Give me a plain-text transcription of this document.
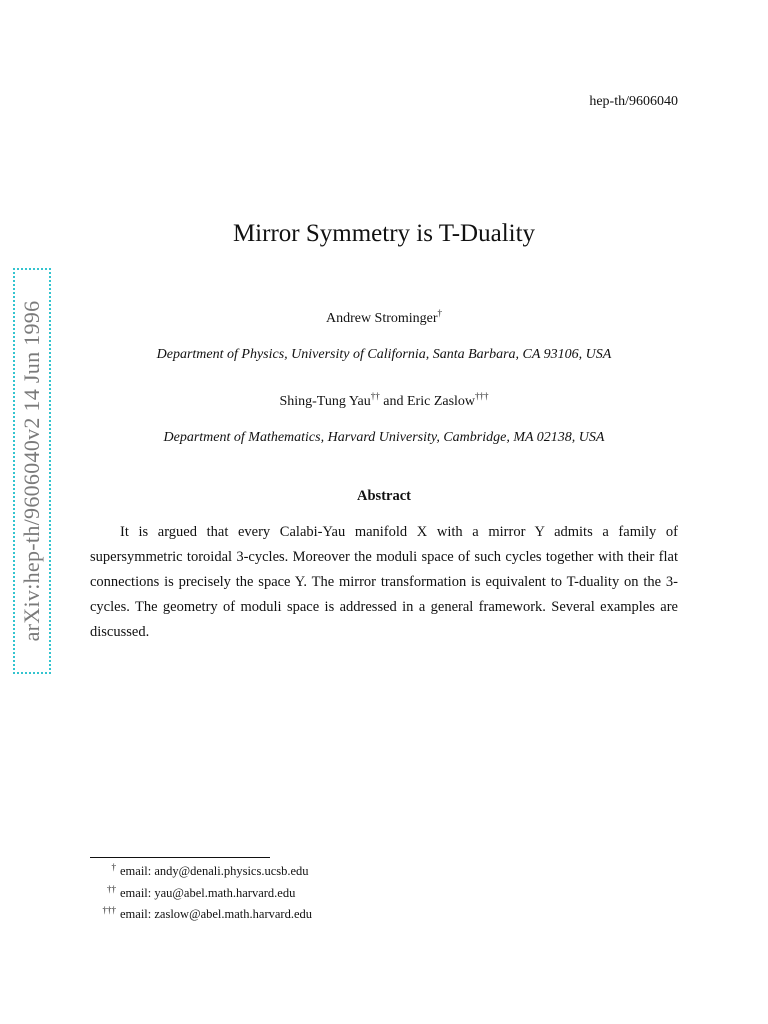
hep-th/9606040
arXiv:hep-th/9606040v2 14 Jun 1996
Mirror Symmetry is T-Duality
Andrew Strominger†
Department of Physics, University of California, Santa Barbara, CA 93106, USA
Shing-Tung Yau†† and Eric Zaslow†††
Department of Mathematics, Harvard University, Cambridge, MA 02138, USA
Abstract
It is argued that every Calabi-Yau manifold X with a mirror Y admits a family of supersymmetric toroidal 3-cycles. Moreover the moduli space of such cycles together with their flat connections is precisely the space Y. The mirror transformation is equivalent to T-duality on the 3-cycles. The geometry of moduli space is addressed in a general framework. Several examples are discussed.
† email: andy@denali.physics.ucsb.edu
†† email: yau@abel.math.harvard.edu
††† email: zaslow@abel.math.harvard.edu
